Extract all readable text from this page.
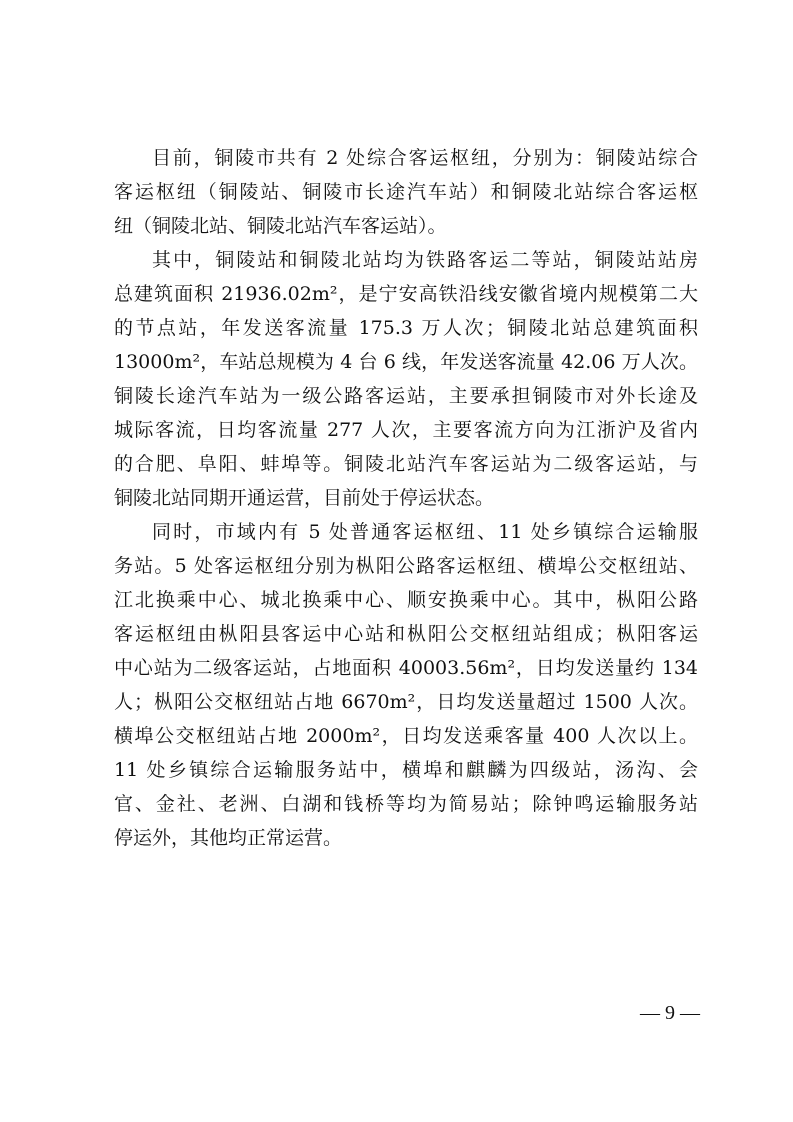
目前，铜陵市共有 2 处综合客运枢纽，分别为：铜陵站综合
客运枢纽（铜陵站、铜陵市长途汽车站）和铜陵北站综合客运枢
纽（铜陵北站、铜陵北站汽车客运站）。
其中，铜陵站和铜陵北站均为铁路客运二等站，铜陵站站房
总建筑面积 21936.02m²，是宁安高铁沿线安徽省境内规模第二大
的节点站，年发送客流量 175.3 万人次；铜陵北站总建筑面积
13000m²，车站总规模为 4 台 6 线，年发送客流量 42.06 万人次。
铜陵长途汽车站为一级公路客运站，主要承担铜陵市对外长途及
城际客流，日均客流量 277 人次，主要客流方向为江浙沪及省内
的合肥、阜阳、蚌埠等。铜陵北站汽车客运站为二级客运站，与
铜陵北站同期开通运营，目前处于停运状态。
同时，市域内有 5 处普通客运枢纽、11 处乡镇综合运输服
务站。5 处客运枢纽分别为枞阳公路客运枢纽、横埠公交枢纽站、
江北换乘中心、城北换乘中心、顺安换乘中心。其中，枞阳公路
客运枢纽由枞阳县客运中心站和枞阳公交枢纽站组成；枞阳客运
中心站为二级客运站，占地面积 40003.56m²，日均发送量约 134
人；枞阳公交枢纽站占地 6670m²，日均发送量超过 1500 人次。
横埠公交枢纽站占地 2000m²，日均发送乘客量 400 人次以上。
11 处乡镇综合运输服务站中，横埠和麒麟为四级站，汤沟、会
官、金社、老洲、白湖和钱桥等均为简易站；除钟鸣运输服务站
停运外，其他均正常运营。
— 9 —
